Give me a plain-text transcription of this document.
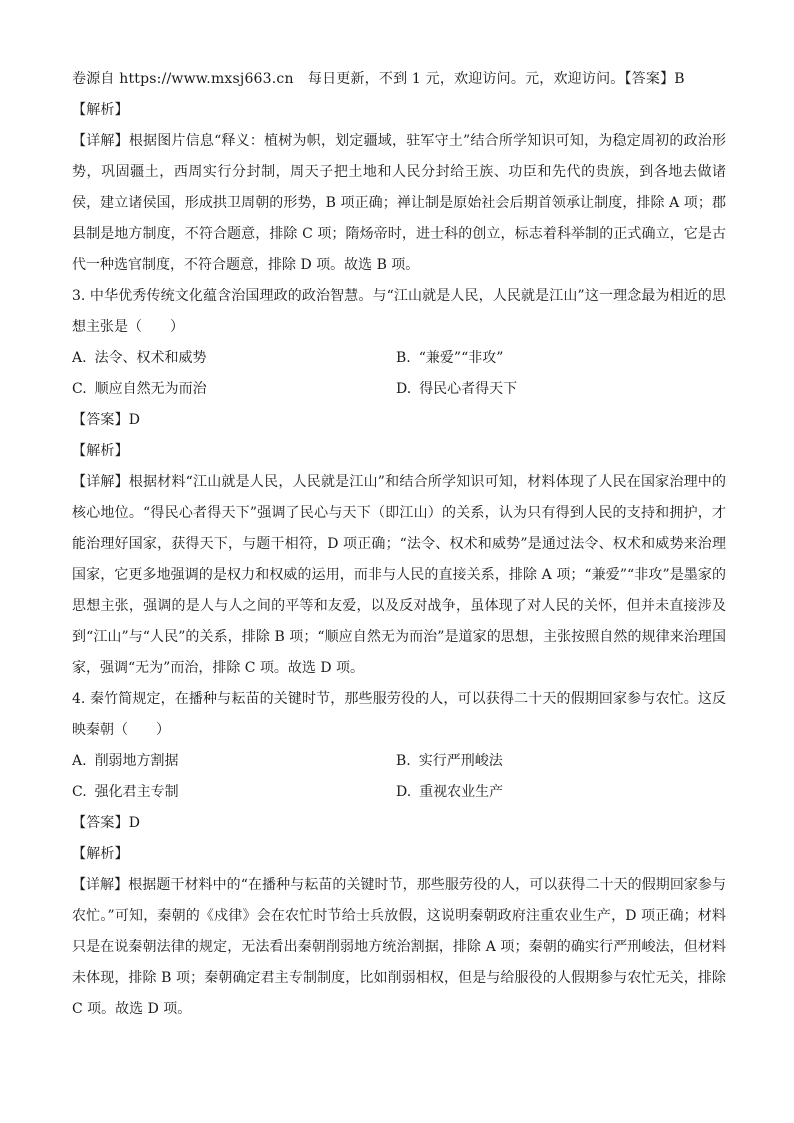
卷源自 https://www.mxsj663.cn　每日更新，不到 1 元，欢迎访问。元，欢迎访问。【答案】B
【解析】
【详解】根据图片信息“释义：植树为帜，划定疆域，驻军守土”结合所学知识可知，为稳定周初的政治形势，巩固疆土，西周实行分封制，周天子把土地和人民分封给王族、功臣和先代的贵族，到各地去做诸侯，建立诸侯国，形成拱卫周朝的形势，B 项正确；禅让制是原始社会后期首领承让制度，排除 A 项；郡县制是地方制度，不符合题意，排除 C 项；隋炀帝时，进士科的创立，标志着科举制的正式确立，它是古代一种选官制度，不符合题意，排除 D 项。故选 B 项。
3. 中华优秀传统文化蕴含治国理政的政治智慧。与“江山就是人民，人民就是江山”这一理念最为相近的思想主张是（　　）
A. 法令、权术和威势	B. “兼爱”“非攻”
C. 顺应自然无为而治	D. 得民心者得天下
【答案】D
【解析】
【详解】根据材料“江山就是人民，人民就是江山”和结合所学知识可知，材料体现了人民在国家治理中的核心地位。“得民心者得天下”强调了民心与天下（即江山）的关系，认为只有得到人民的支持和拥护，才能治理好国家，获得天下，与题干相符，D 项正确；“法令、权术和威势”是通过法令、权术和威势来治理国家，它更多地强调的是权力和权威的运用，而非与人民的直接关系，排除 A 项；“兼爱”“非攻”是墨家的思想主张，强调的是人与人之间的平等和友爱，以及反对战争，虽体现了对人民的关怀，但并未直接涉及到“江山”与“人民”的关系，排除 B 项；“顺应自然无为而治”是道家的思想，主张按照自然的规律来治理国家，强调“无为”而治，排除 C 项。故选 D 项。
4. 秦竹简规定，在播种与耘苗的关键时节，那些服劳役的人，可以获得二十天的假期回家参与农忙。这反映秦朝（　　）
A. 削弱地方割据	B. 实行严刑峻法
C. 强化君主专制	D. 重视农业生产
【答案】D
【解析】
【详解】根据题干材料中的“在播种与耘苗的关键时节，那些服劳役的人，可以获得二十天的假期回家参与农忙。”可知，秦朝的《戍律》会在农忙时节给士兵放假，这说明秦朝政府注重农业生产，D 项正确；材料只是在说秦朝法律的规定，无法看出秦朝削弱地方统治割据，排除 A 项；秦朝的确实行严刑峻法，但材料未体现，排除 B 项；秦朝确定君主专制制度，比如削弱相权，但是与给服役的人假期参与农忙无关，排除 C 项。故选 D 项。
